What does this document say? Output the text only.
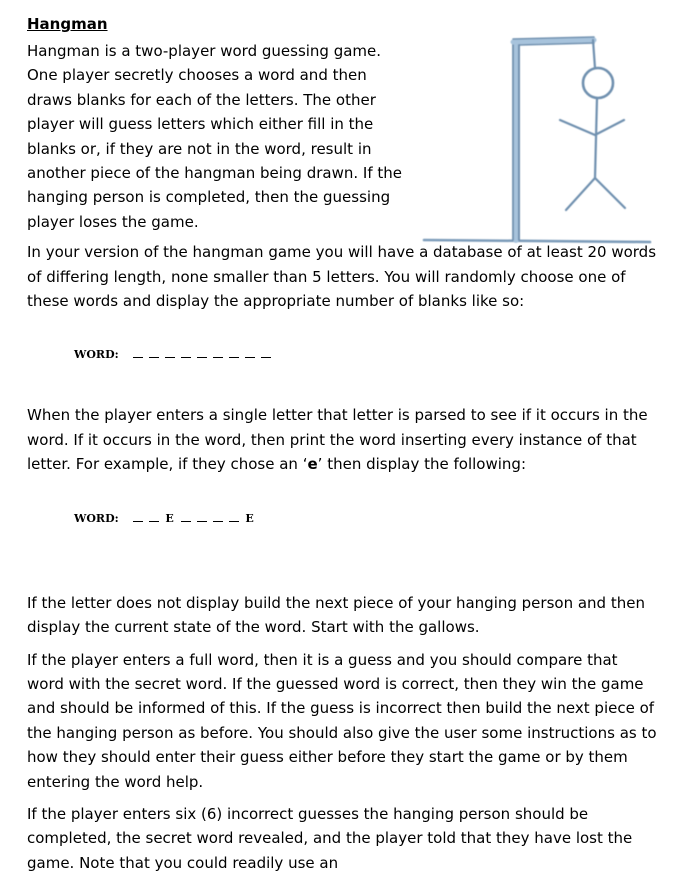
Hangman

Hangman is a two-player word guessing game. One player secretly chooses a word and then draws blanks for each of the letters. The other player will guess letters which either fill in the blanks or, if they are not in the word, result in another piece of the hangman being drawn. If the hanging person is completed, then the guessing player loses the game.

In your version of the hangman game you will have a database of at least 20 words of differing length, none smaller than 5 letters. You will randomly choose one of these words and display the appropriate number of blanks like so:

WORD:

When the player enters a single letter that letter is parsed to see if it occurs in the word. If it occurs in the word, then print the word inserting every instance of that letter. For example, if they chose an ‘e’ then display the following:

WORD:	E	E

If the letter does not display build the next piece of your hanging person and then display the current state of the word. Start with the gallows.

If the player enters a full word, then it is a guess and you should compare that word with the secret word. If the guessed word is correct, then they win the game and should be informed of this. If the guess is incorrect then build the next piece of the hanging person as before. You should also give the user some instructions as to how they should enter their guess either before they start the game or by them entering the word help.

If the player enters six (6) incorrect guesses the hanging person should be completed, the secret word revealed, and the player told that they have lost the game. Note that you could readily use an
